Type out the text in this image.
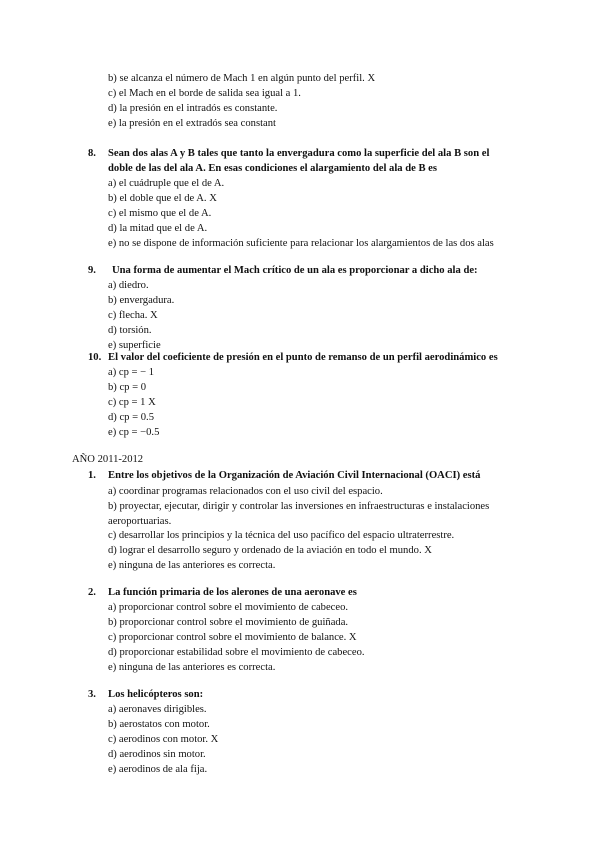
b) se alcanza el número de Mach 1 en algún punto del perfil. X
c) el Mach en el borde de salida sea igual a 1.
d) la presión en el intradós es constante.
e) la presión en el extradós sea constant
8. Sean dos alas A y B tales que tanto la envergadura como la superficie del ala B son el
doble de las del ala A. En esas condiciones el alargamiento del ala de B es
a) el cuádruple que el de A.
b) el doble que el de A. X
c) el mismo que el de A.
d) la mitad que el de A.
e) no se dispone de información suficiente para relacionar los alargamientos de las dos alas
9. Una forma de aumentar el Mach crítico de un ala es proporcionar a dicho ala de:
a) diedro.
b) envergadura.
c) flecha. X
d) torsión.
e) superficie
10. El valor del coeficiente de presión en el punto de remanso de un perfil aerodinámico es
a) cp = − 1
b) cp = 0
c) cp = 1 X
d) cp = 0.5
e) cp = −0.5
AÑO 2011-2012
1. Entre los objetivos de la Organización de Aviación Civil Internacional (OACI) está
a) coordinar programas relacionados con el uso civil del espacio.
b) proyectar, ejecutar, dirigir y controlar las inversiones en infraestructuras e instalaciones
aeroportuarias.
c) desarrollar los principios y la técnica del uso pacífico del espacio ultraterrestre.
d) lograr el desarrollo seguro y ordenado de la aviación en todo el mundo. X
e) ninguna de las anteriores es correcta.
2. La función primaria de los alerones de una aeronave es
a) proporcionar control sobre el movimiento de cabeceo.
b) proporcionar control sobre el movimiento de guiñada.
c) proporcionar control sobre el movimiento de balance. X
d) proporcionar estabilidad sobre el movimiento de cabeceo.
e) ninguna de las anteriores es correcta.
3. Los helicópteros son:
a) aeronaves dirigibles.
b) aerostatos con motor.
c) aerodinos con motor. X
d) aerodinos sin motor.
e) aerodinos de ala fija.
